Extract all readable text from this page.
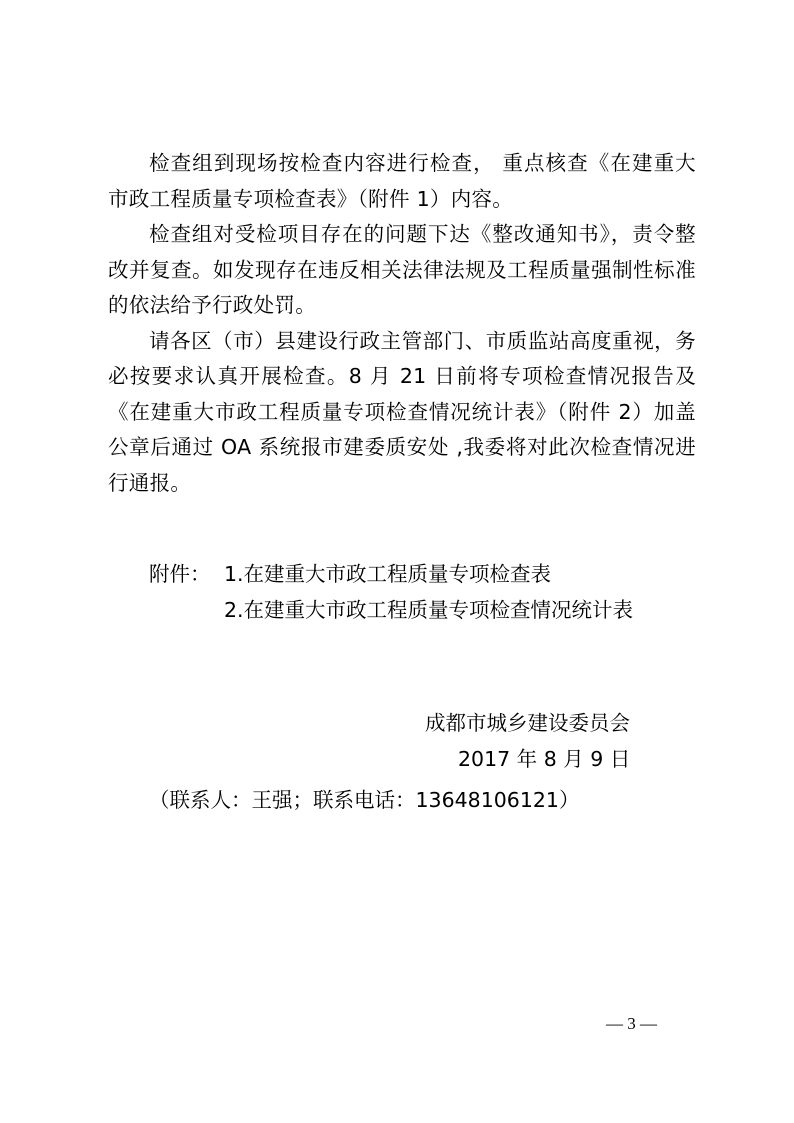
检查组到现场按检查内容进行检查， 重点核查《在建重大市政工程质量专项检查表》（附件 1）内容。

检查组对受检项目存在的问题下达《整改通知书》，责令整改并复查。如发现存在违反相关法律法规及工程质量强制性标准的依法给予行政处罚。

请各区（市）县建设行政主管部门、市质监站高度重视，务必按要求认真开展检查。8 月 21 日前将专项检查情况报告及《在建重大市政工程质量专项检查情况统计表》（附件 2）加盖公章后通过 OA 系统报市建委质安处 ,我委将对此次检查情况进行通报。

附件： 1.在建重大市政工程质量专项检查表
2.在建重大市政工程质量专项检查情况统计表
成都市城乡建设委员会
2017 年 8 月 9 日
（联系人：王强；联系电话：13648106121）
— 3 —
